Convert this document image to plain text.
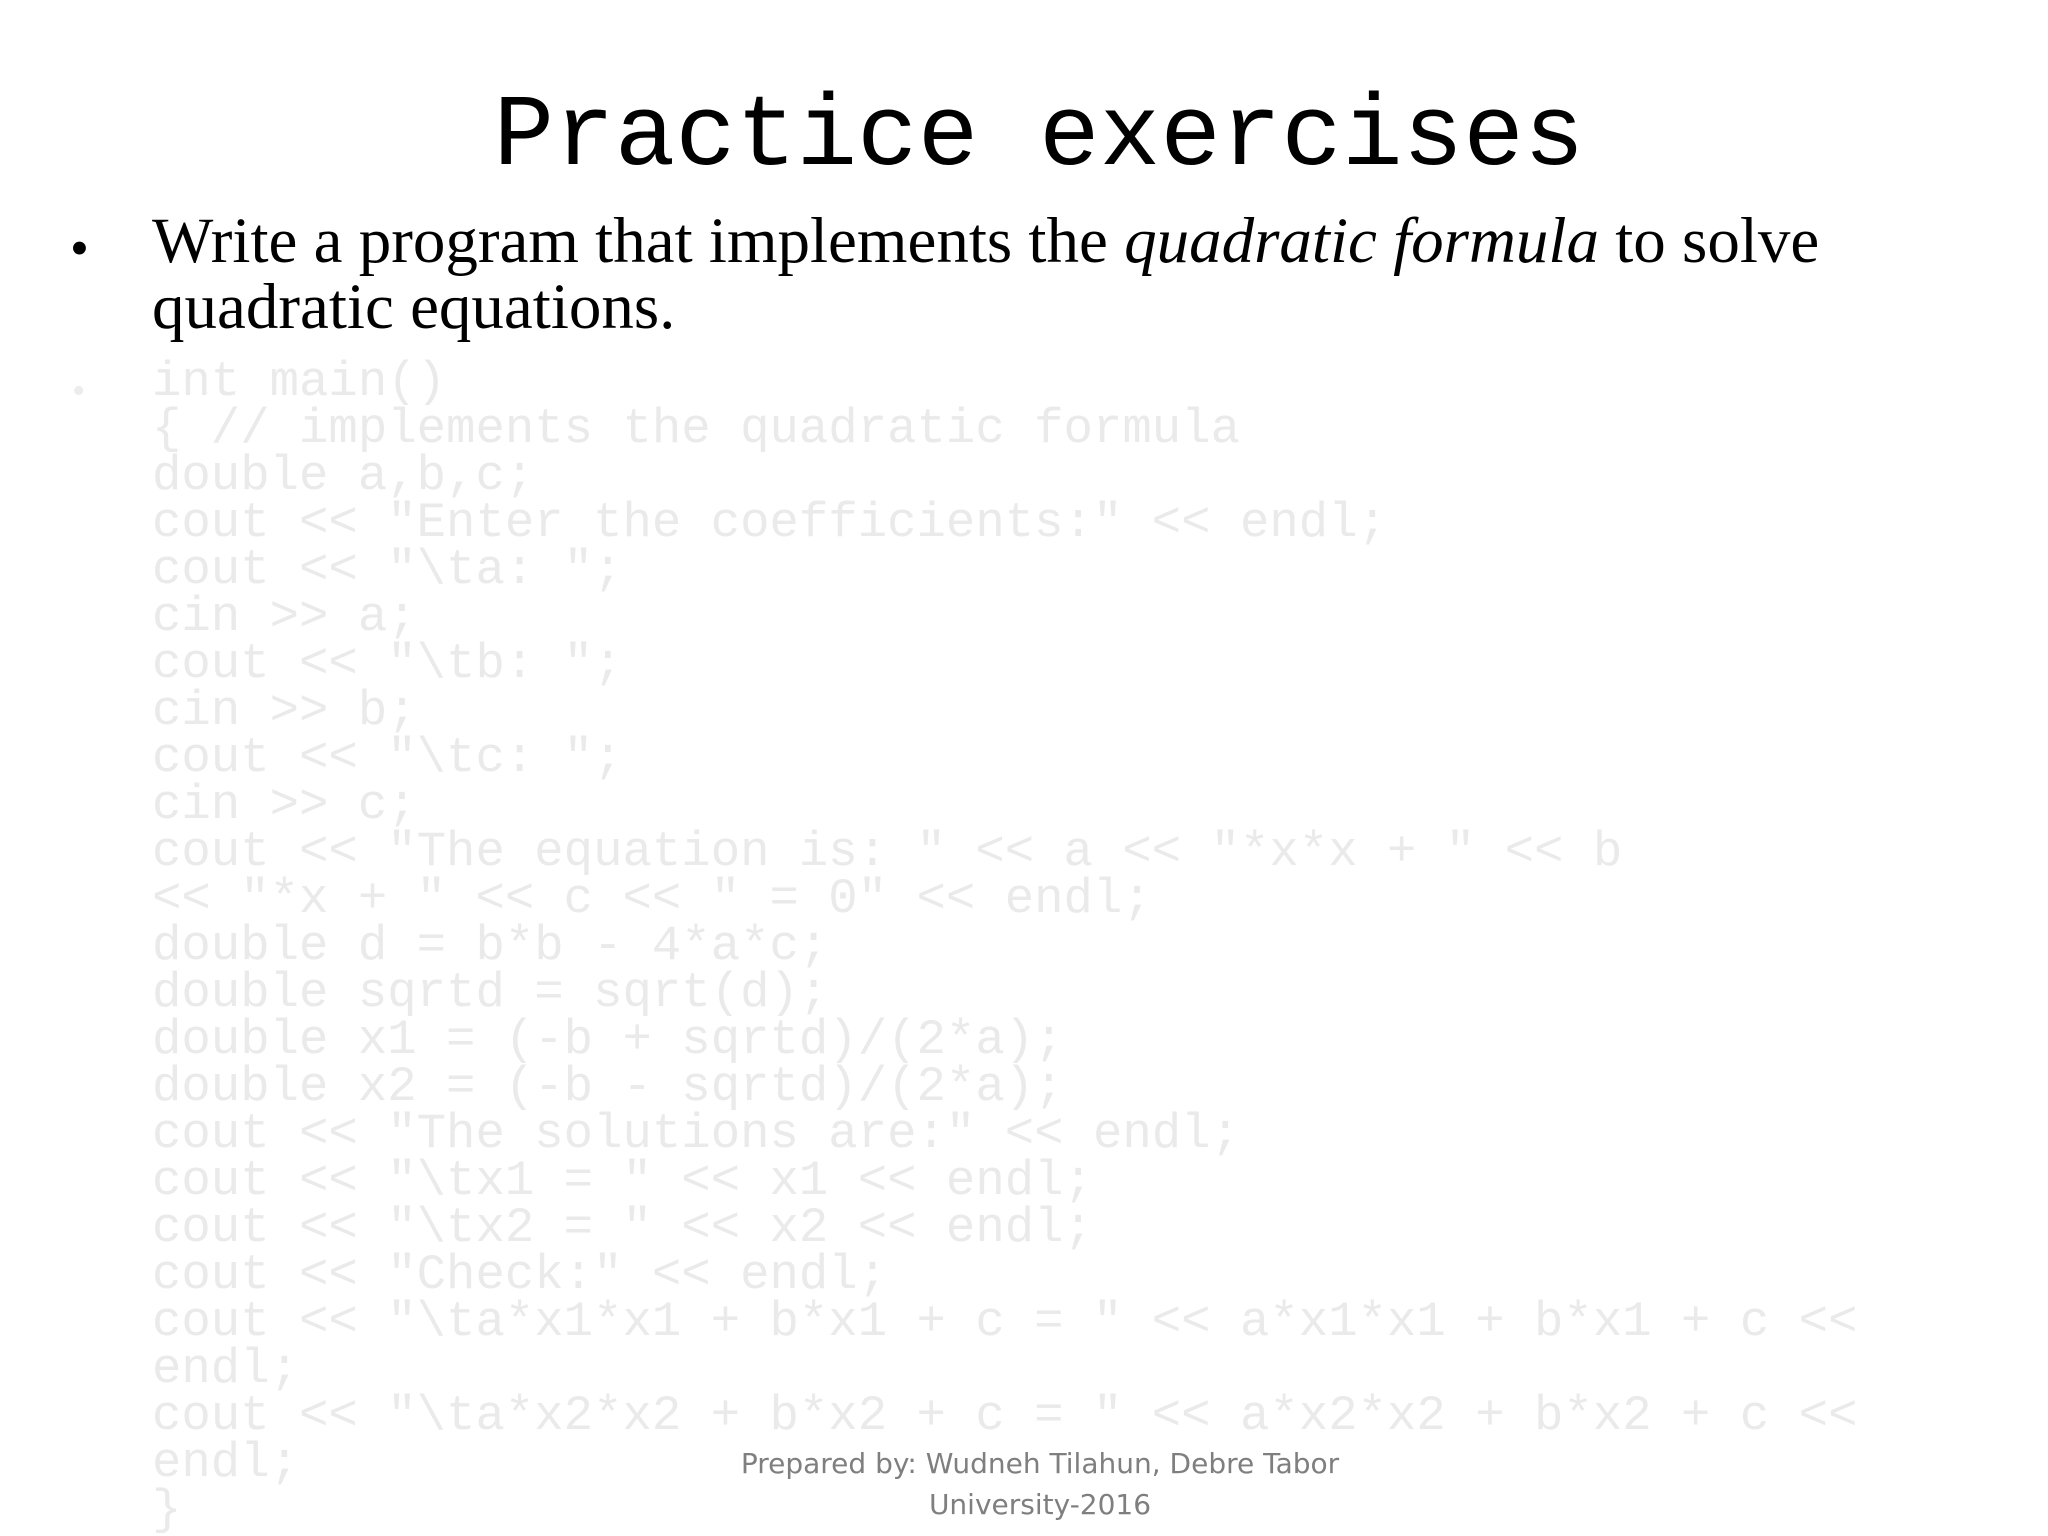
Practice exercises
• Write a program that implements the quadratic formula to solve quadratic equations.
• int main()
{ // implements the quadratic formula
double a,b,c;
cout << "Enter the coefficients:" << endl;
cout << "\ta: ";
cin >> a;
cout << "\tb: ";
cin >> b;
cout << "\tc: ";
cin >> c;
cout << "The equation is: " << a << "*x*x + " << b
<< "*x + " << c << " = 0" << endl;
double d = b*b - 4*a*c;
double sqrtd = sqrt(d);
double x1 = (-b + sqrtd)/(2*a);
double x2 = (-b - sqrtd)/(2*a);
cout << "The solutions are:" << endl;
cout << "\tx1 = " << x1 << endl;
cout << "\tx2 = " << x2 << endl;
cout << "Check:" << endl;
cout << "\ta*x1*x1 + b*x1 + c = " << a*x1*x1 + b*x1 + c <<
endl;
cout << "\ta*x2*x2 + b*x2 + c = " << a*x2*x2 + b*x2 + c <<
endl;
}
Prepared by: Wudneh Tilahun, Debre Tabor
University-2016
